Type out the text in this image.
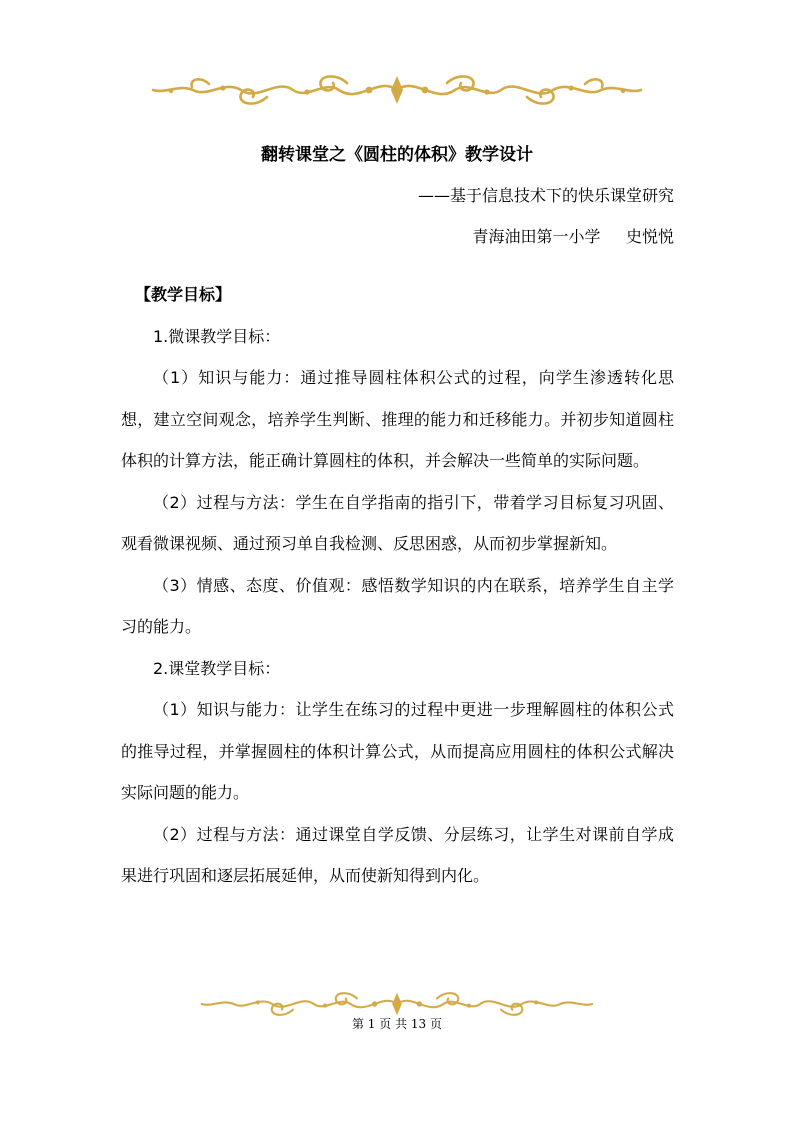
翻转课堂之《圆柱的体积》教学设计
——基于信息技术下的快乐课堂研究
青海油田第一小学 史悦悦

【教学目标】

1.微课教学目标：

（1）知识与能力：通过推导圆柱体积公式的过程，向学生渗透转化思想，建立空间观念，培养学生判断、推理的能力和迁移能力。并初步知道圆柱体积的计算方法，能正确计算圆柱的体积，并会解决一些简单的实际问题。

（2）过程与方法：学生在自学指南的指引下，带着学习目标复习巩固、观看微课视频、通过预习单自我检测、反思困惑，从而初步掌握新知。

（3）情感、态度、价值观：感悟数学知识的内在联系，培养学生自主学习的能力。

2.课堂教学目标：

（1）知识与能力：让学生在练习的过程中更进一步理解圆柱的体积公式的推导过程，并掌握圆柱的体积计算公式，从而提高应用圆柱的体积公式解决实际问题的能力。

（2）过程与方法：通过课堂自学反馈、分层练习，让学生对课前自学成果进行巩固和逐层拓展延伸，从而使新知得到内化。

第 1 页 共 13 页
